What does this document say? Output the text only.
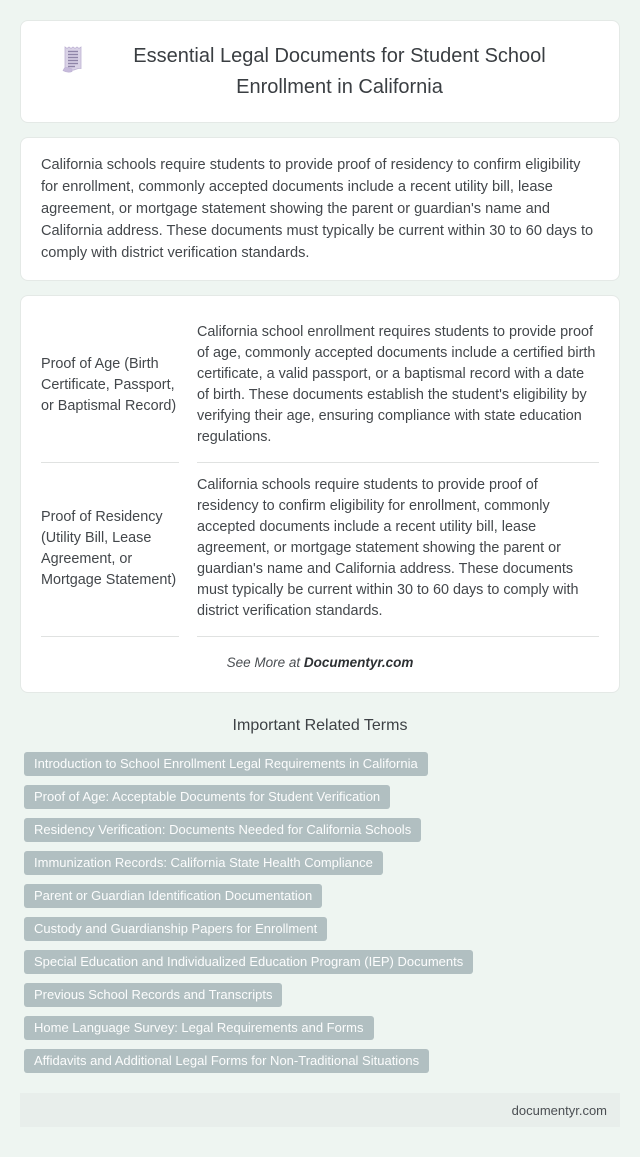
Essential Legal Documents for Student School Enrollment in California

California schools require students to provide proof of residency to confirm eligibility for enrollment, commonly accepted documents include a recent utility bill, lease agreement, or mortgage statement showing the parent or guardian's name and California address. These documents must typically be current within 30 to 60 days to comply with district verification standards.

Proof of Age (Birth Certificate, Passport, or Baptismal Record)
California school enrollment requires students to provide proof of age, commonly accepted documents include a certified birth certificate, a valid passport, or a baptismal record with a date of birth. These documents establish the student's eligibility by verifying their age, ensuring compliance with state education regulations.
Proof of Residency (Utility Bill, Lease Agreement, or Mortgage Statement)
California schools require students to provide proof of residency to confirm eligibility for enrollment, commonly accepted documents include a recent utility bill, lease agreement, or mortgage statement showing the parent or guardian's name and California address. These documents must typically be current within 30 to 60 days to comply with district verification standards.

See More at Documentyr.com

Important Related Terms
Introduction to School Enrollment Legal Requirements in California
Proof of Age: Acceptable Documents for Student Verification
Residency Verification: Documents Needed for California Schools
Immunization Records: California State Health Compliance
Parent or Guardian Identification Documentation
Custody and Guardianship Papers for Enrollment
Special Education and Individualized Education Program (IEP) Documents
Previous School Records and Transcripts
Home Language Survey: Legal Requirements and Forms
Affidavits and Additional Legal Forms for Non-Traditional Situations
documentyr.com
